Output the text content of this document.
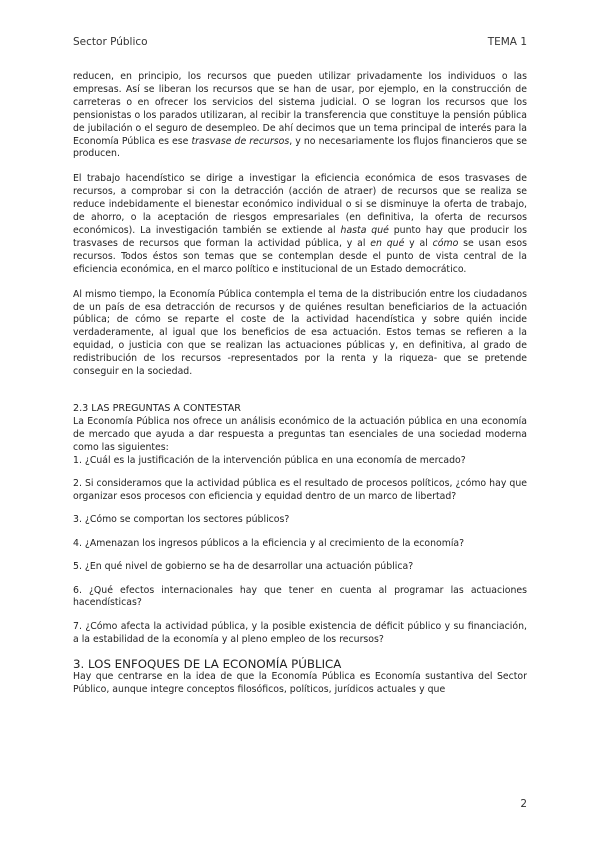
Sector Público	TEMA 1

reducen, en principio, los recursos que pueden utilizar privadamente los individuos o las empresas. Así se liberan los recursos que se han de usar, por ejemplo, en la construcción de carreteras o en ofrecer los servicios del sistema judicial. O se logran los recursos que los pensionistas o los parados utilizaran, al recibir la transferencia que constituye la pensión pública de jubilación o el seguro de desempleo. De ahí decimos que un tema principal de interés para la Economía Pública es ese trasvase de recursos, y no necesariamente los flujos financieros que se producen.

El trabajo hacendístico se dirige a investigar la eficiencia económica de esos trasvases de recursos, a comprobar si con la detracción (acción de atraer) de recursos que se realiza se reduce indebidamente el bienestar económico individual o si se disminuye la oferta de trabajo, de ahorro, o la aceptación de riesgos empresariales (en definitiva, la oferta de recursos económicos). La investigación también se extiende al hasta qué punto hay que producir los trasvases de recursos que forman la actividad pública, y al en qué y al cómo se usan esos recursos. Todos éstos son temas que se contemplan desde el punto de vista central de la eficiencia económica, en el marco político e institucional de un Estado democrático.

Al mismo tiempo, la Economía Pública contempla el tema de la distribución entre los ciudadanos de un país de esa detracción de recursos y de quiénes resultan beneficiarios de la actuación pública; de cómo se reparte el coste de la actividad hacendística y sobre quién incide verdaderamente, al igual que los beneficios de esa actuación. Estos temas se refieren a la equidad, o justicia con que se realizan las actuaciones públicas y, en definitiva, al grado de redistribución de los recursos -representados por la renta y la riqueza- que se pretende conseguir en la sociedad.

2.3 LAS PREGUNTAS A CONTESTAR

La Economía Pública nos ofrece un análisis económico de la actuación pública en una economía de mercado que ayuda a dar respuesta a preguntas tan esenciales de una sociedad moderna como las siguientes:

1. ¿Cuál es la justificación de la intervención pública en una economía de mercado?

2. Si consideramos que la actividad pública es el resultado de procesos políticos, ¿cómo hay que organizar esos procesos con eficiencia y equidad dentro de un marco de libertad?

3. ¿Cómo se comportan los sectores públicos?

4. ¿Amenazan los ingresos públicos a la eficiencia y al crecimiento de la economía?

5. ¿En qué nivel de gobierno se ha de desarrollar una actuación pública?

6. ¿Qué efectos internacionales hay que tener en cuenta al programar las actuaciones hacendísticas?

7. ¿Cómo afecta la actividad pública, y la posible existencia de déficit público y su financiación, a la estabilidad de la economía y al pleno empleo de los recursos?

3. LOS ENFOQUES DE LA ECONOMÍA PÚBLICA

Hay que centrarse en la idea de que la Economía Pública es Economía sustantiva del Sector Público, aunque integre conceptos filosóficos, políticos, jurídicos actuales y que

2
